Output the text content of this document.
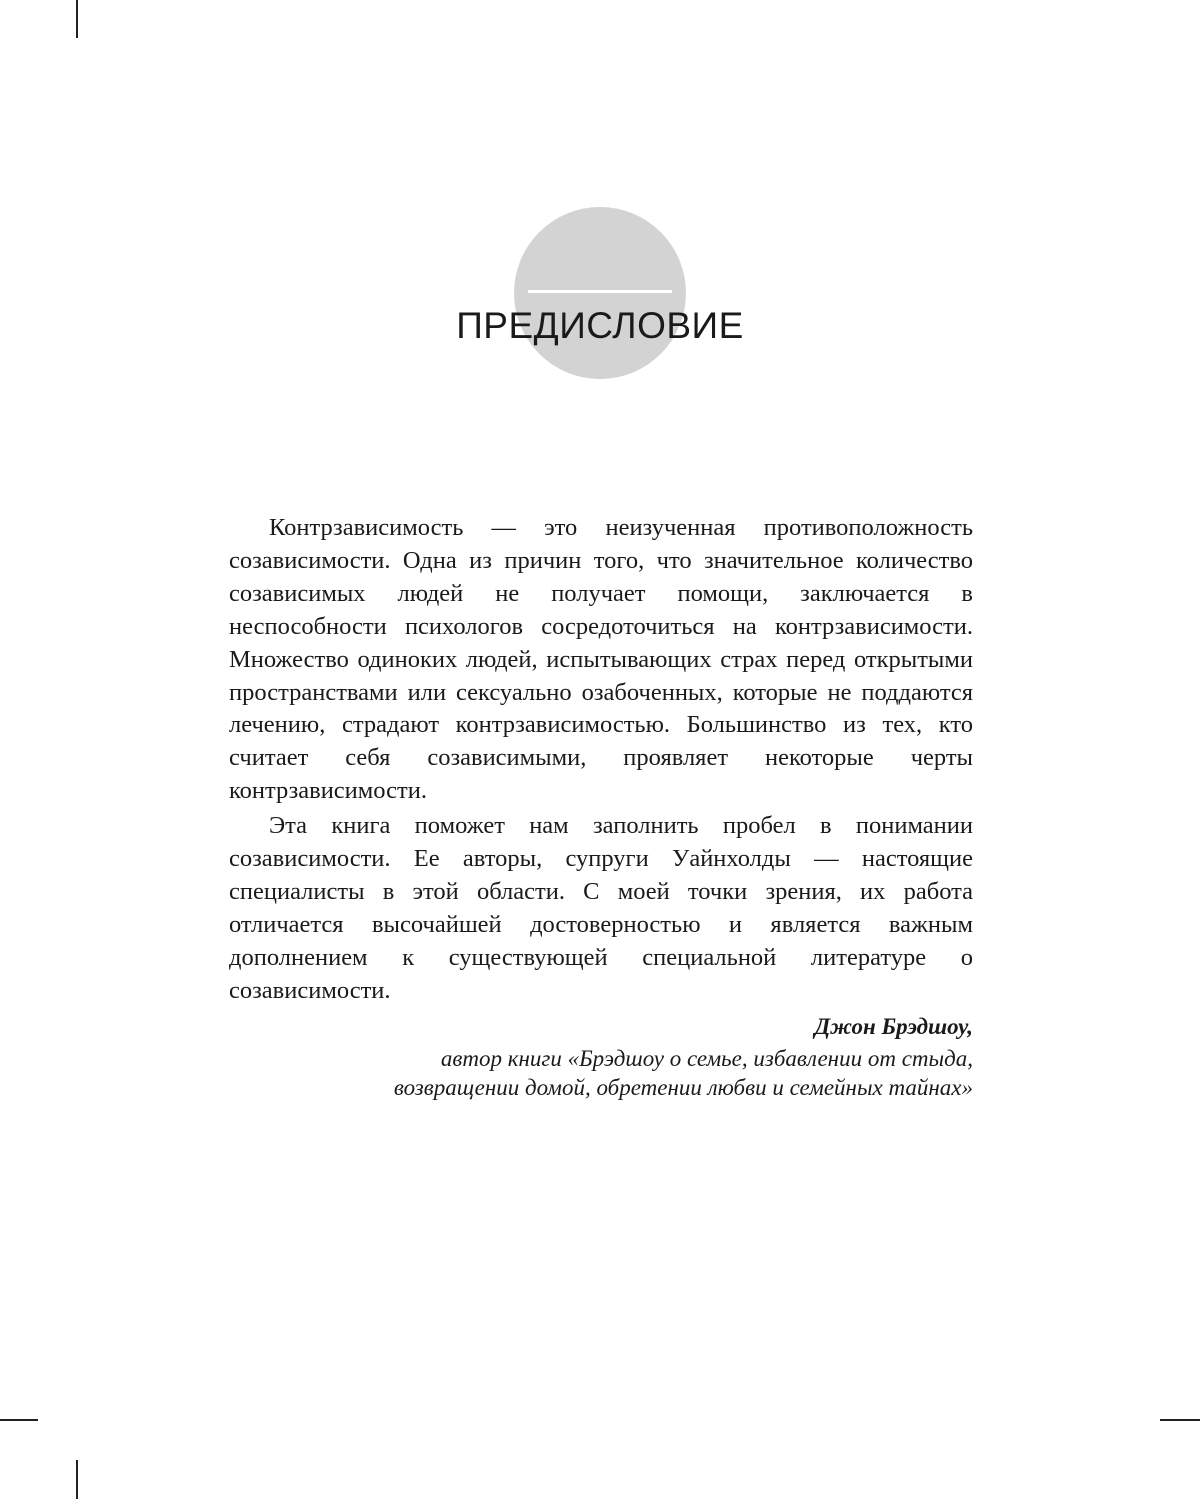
ПРЕДИСЛОВИЕ

Контрзависимость — это неизученная противоположность созависимости. Одна из причин того, что значительное количество созависимых людей не получает помощи, заключается в неспособности психологов сосредоточиться на контрзависимости. Множество одиноких людей, испытывающих страх перед открытыми пространствами или сексуально озабоченных, которые не поддаются лечению, страдают контрзависимостью. Большинство из тех, кто считает себя созависимыми, проявляет некоторые черты контрзависимости.

Эта книга поможет нам заполнить пробел в понимании созависимости. Ее авторы, супруги Уайнхолды — настоящие специалисты в этой области. С моей точки зрения, их работа отличается высочайшей достоверностью и является важным дополнением к существующей специальной литературе о созависимости.

Джон Брэдшоу,
автор книги «Брэдшоу о семье, избавлении от стыда,
возвращении домой, обретении любви и семейных тайнах»
